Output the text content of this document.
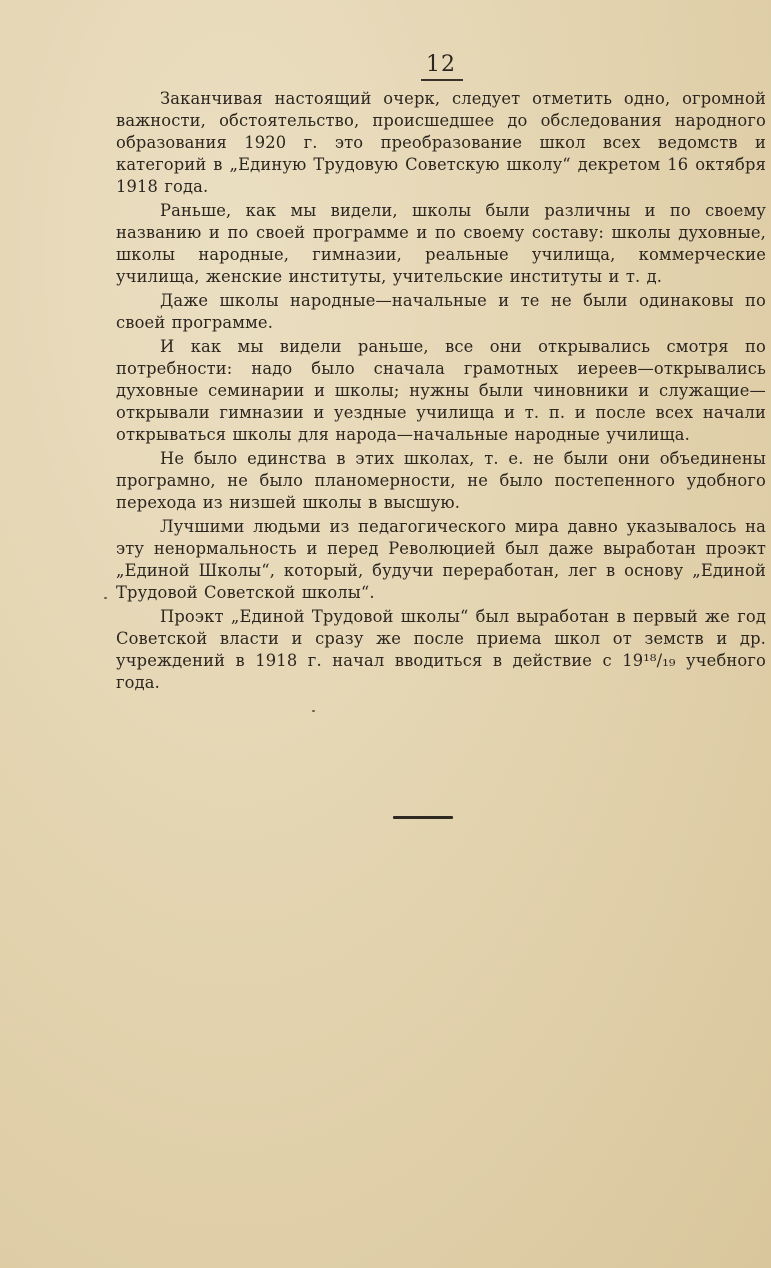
12

Заканчивая настоящий очерк, следует отметить одно, огромной важности, обстоятельство, происшедшее до обследования народного образования 1920 г. это преобразование школ всех ведомств и категорий в „Единую Трудовую Советскую школу“ декретом 16 октября 1918 года.

Раньше, как мы видели, школы были различны и по своему названию и по своей программе и по своему составу: школы духовные, школы народные, гимназии, реальные училища, коммерческие училища, женские институты, учительские институты и т. д.

Даже школы народные—начальные и те не были одинаковы по своей программе.

И как мы видели раньше, все они открывались смотря по потребности: надо было сначала грамотных иереев—открывались духовные семинарии и школы; нужны были чиновники и служащие—открывали гимназии и уездные училища и т. п. и после всех начали открываться школы для народа—начальные народные училища.

Не было единства в этих школах, т. е. не были они объединены програмно, не было планомерности, не было постепенного удобного перехода из низшей школы в высшую.

Лучшими людьми из педагогического мира давно указывалось на эту ненормальность и перед Революцией был даже выработан проэкт „Единой Школы“, который, будучи переработан, лег в основу „Единой Трудовой Советской школы“.

Проэкт „Единой Трудовой школы“ был выработан в первый же год Советской власти и сразу же после приема школ от земств и др. учреждений в 1918 г. начал вводиться в действие с 19¹⁸/₁₉ учебного года.
